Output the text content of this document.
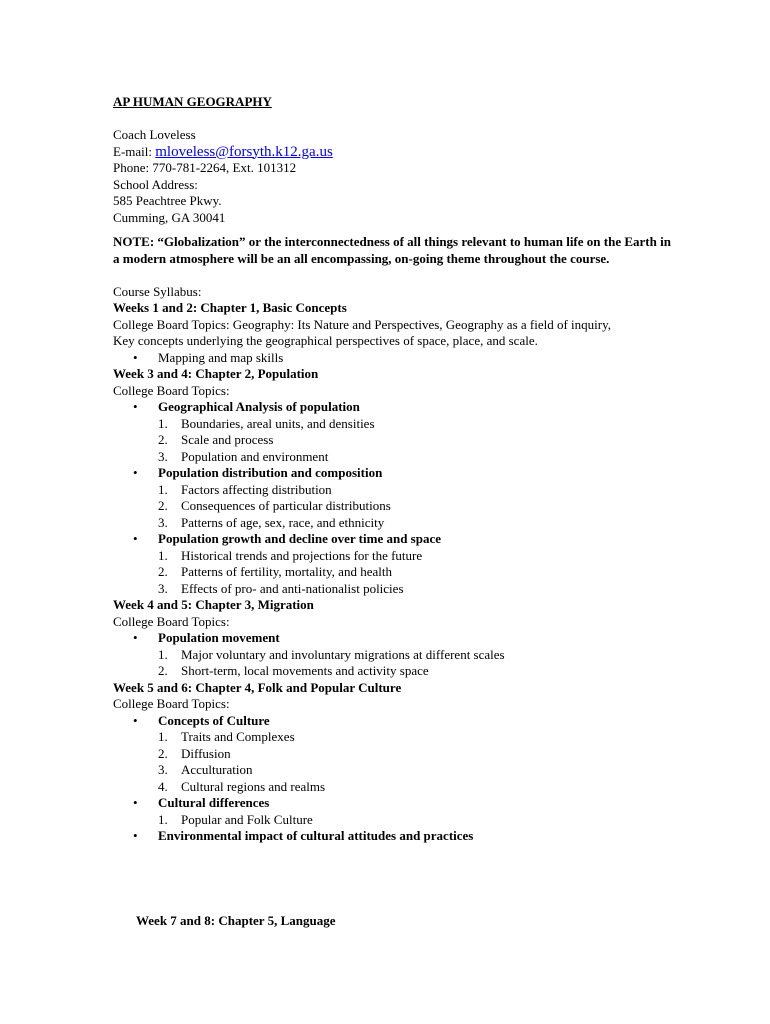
AP HUMAN GEOGRAPHY
Coach Loveless
E-mail: mloveless@forsyth.k12.ga.us
Phone: 770-781-2264, Ext. 101312
School Address:
585 Peachtree Pkwy.
Cumming, GA 30041
NOTE: “Globalization” or the interconnectedness of all things relevant to human life on the Earth in a modern atmosphere will be an all encompassing, on-going theme throughout the course.
Course Syllabus:
Weeks 1 and 2: Chapter 1, Basic Concepts
College Board Topics: Geography: Its Nature and Perspectives, Geography as a field of inquiry,
Key concepts underlying the geographical perspectives of space, place, and scale.
• Mapping and map skills
Week 3 and 4: Chapter 2, Population
College Board Topics:
• Geographical Analysis of population
1. Boundaries, areal units, and densities
2. Scale and process
3. Population and environment
• Population distribution and composition
1. Factors affecting distribution
2. Consequences of particular distributions
3. Patterns of age, sex, race, and ethnicity
• Population growth and decline over time and space
1. Historical trends and projections for the future
2. Patterns of fertility, mortality, and health
3. Effects of pro- and anti-nationalist policies
Week 4 and 5: Chapter 3, Migration
College Board Topics:
• Population movement
1. Major voluntary and involuntary migrations at different scales
2. Short-term, local movements and activity space
Week 5 and 6: Chapter 4, Folk and Popular Culture
College Board Topics:
• Concepts of Culture
1. Traits and Complexes
2. Diffusion
3. Acculturation
4. Cultural regions and realms
• Cultural differences
1. Popular and Folk Culture
• Environmental impact of cultural attitudes and practices
Week 7 and 8: Chapter 5, Language
